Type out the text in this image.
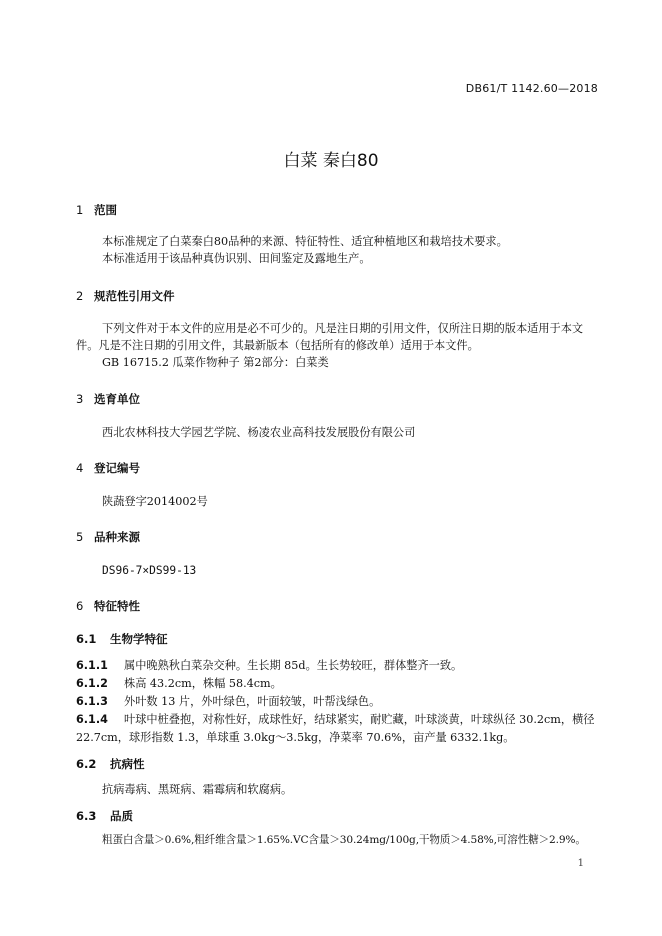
DB61/T 1142.60—2018
白菜 秦白80
1 范围
本标准规定了白菜秦白80品种的来源、特征特性、适宜种植地区和栽培技术要求。
本标准适用于该品种真伪识别、田间鉴定及露地生产。
2 规范性引用文件
下列文件对于本文件的应用是必不可少的。凡是注日期的引用文件，仅所注日期的版本适用于本文
件。凡是不注日期的引用文件，其最新版本（包括所有的修改单）适用于本文件。
GB 16715.2 瓜菜作物种子 第2部分：白菜类
3 选育单位
西北农林科技大学园艺学院、杨凌农业高科技发展股份有限公司
4 登记编号
陕蔬登字2014002号
5 品种来源
DS96-7×DS99-13
6 特征特性
6.1 生物学特征
6.1.1 属中晚熟秋白菜杂交种。生长期 85d。生长势较旺，群体整齐一致。
6.1.2 株高 43.2cm，株幅 58.4cm。
6.1.3 外叶数 13 片，外叶绿色，叶面较皱，叶帮浅绿色。
6.1.4 叶球中桩叠抱，对称性好，成球性好，结球紧实，耐贮藏，叶球淡黄，叶球纵径 30.2cm，横径
22.7cm，球形指数 1.3，单球重 3.0kg～3.5kg，净菜率 70.6%，亩产量 6332.1kg。
6.2 抗病性
抗病毒病、黑斑病、霜霉病和软腐病。
6.3 品质
粗蛋白含量＞0.6%,粗纤维含量＞1.65%.VC含量＞30.24mg/100g,干物质＞4.58%,可溶性糖＞2.9%。
1
